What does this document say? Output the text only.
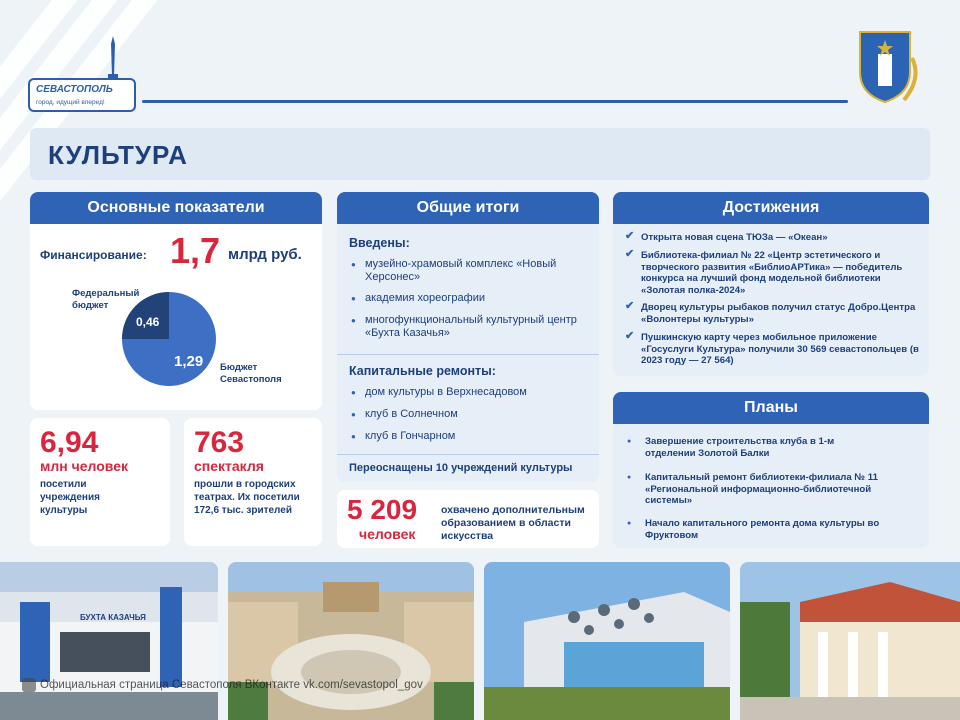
СЕВАСТОПОЛЬ
город, идущий вперед!
КУЛЬТУРА
Основные показатели
Финансирование: 1,7 млрд руб.
Федеральный бюджет
0,46
1,29 Бюджет Севастополя
6,94
млн человек
посетили учреждения культуры
763
спектакля
прошли в городских театрах. Их посетили 172,6 тыс. зрителей
Общие итоги
Введены:
● музейно-храмовый комплекс «Новый Херсонес»
● академия хореографии
● многофункциональный культурный центр «Бухта Казачья»
Капитальные ремонты:
● дом культуры в Верхнесадовом
● клуб в Солнечном
● клуб в Гончарном
Переоснащены 10 учреждений культуры
5 209
человек
охвачено дополнительным образованием в области искусства
Достижения
✔ Открыта новая сцена ТЮЗа — «Океан»
✔ Библиотека-филиал № 22 «Центр эстетического и творческого развития «БиблиоАРТика» — победитель конкурса на лучший фонд модельной библиотеки «Золотая полка-2024»
✔ Дворец культуры рыбаков получил статус Добро.Центра «Волонтеры культуры»
✔ Пушкинскую карту через мобильное приложение «Госуслуги Культура» получили 30 569 севастопольцев (в 2023 году — 27 564)
Планы
● Завершение строительства клуба в 1-м отделении Золотой Балки
● Капитальный ремонт библиотеки-филиала № 11 «Региональной информационно-библиотечной системы»
● Начало капитального ремонта дома культуры во Фруктовом
БУХТА КАЗАЧЬЯ
Официальная страница Севастополя ВКонтакте vk.com/sevastopol_gov
